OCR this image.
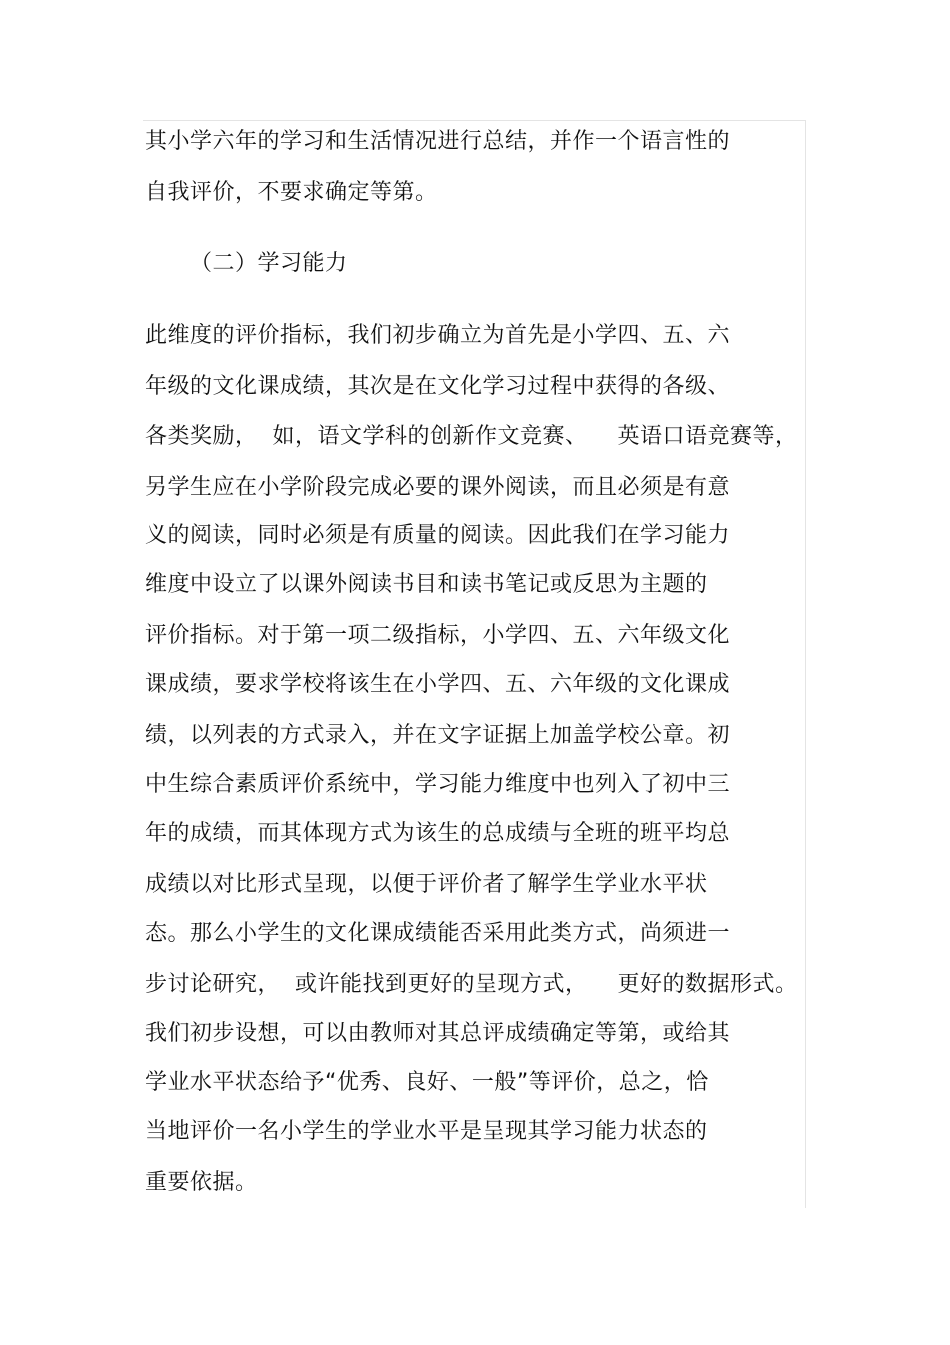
其小学六年的学习和生活情况进行总结，并作一个语言性的
自我评价，不要求确定等第。
（二）学习能力
此维度的评价指标，我们初步确立为首先是小学四、五、六
年级的文化课成绩，其次是在文化学习过程中获得的各级、
各类奖励，  如，语文学科的创新作文竞赛、    英语口语竞赛等，
另学生应在小学阶段完成必要的课外阅读，而且必须是有意
义的阅读，同时必须是有质量的阅读。因此我们在学习能力
维度中设立了以课外阅读书目和读书笔记或反思为主题的
评价指标。对于第一项二级指标，小学四、五、六年级文化
课成绩，要求学校将该生在小学四、五、六年级的文化课成
绩，以列表的方式录入，并在文字证据上加盖学校公章。初
中生综合素质评价系统中，学习能力维度中也列入了初中三
年的成绩，而其体现方式为该生的总成绩与全班的班平均总
成绩以对比形式呈现，以便于评价者了解学生学业水平状
态。那么小学生的文化课成绩能否采用此类方式，尚须进一
步讨论研究，  或许能找到更好的呈现方式，    更好的数据形式。
我们初步设想，可以由教师对其总评成绩确定等第，或给其
学业水平状态给予“优秀、良好、一般”等评价，总之，恰
当地评价一名小学生的学业水平是呈现其学习能力状态的
重要依据。
